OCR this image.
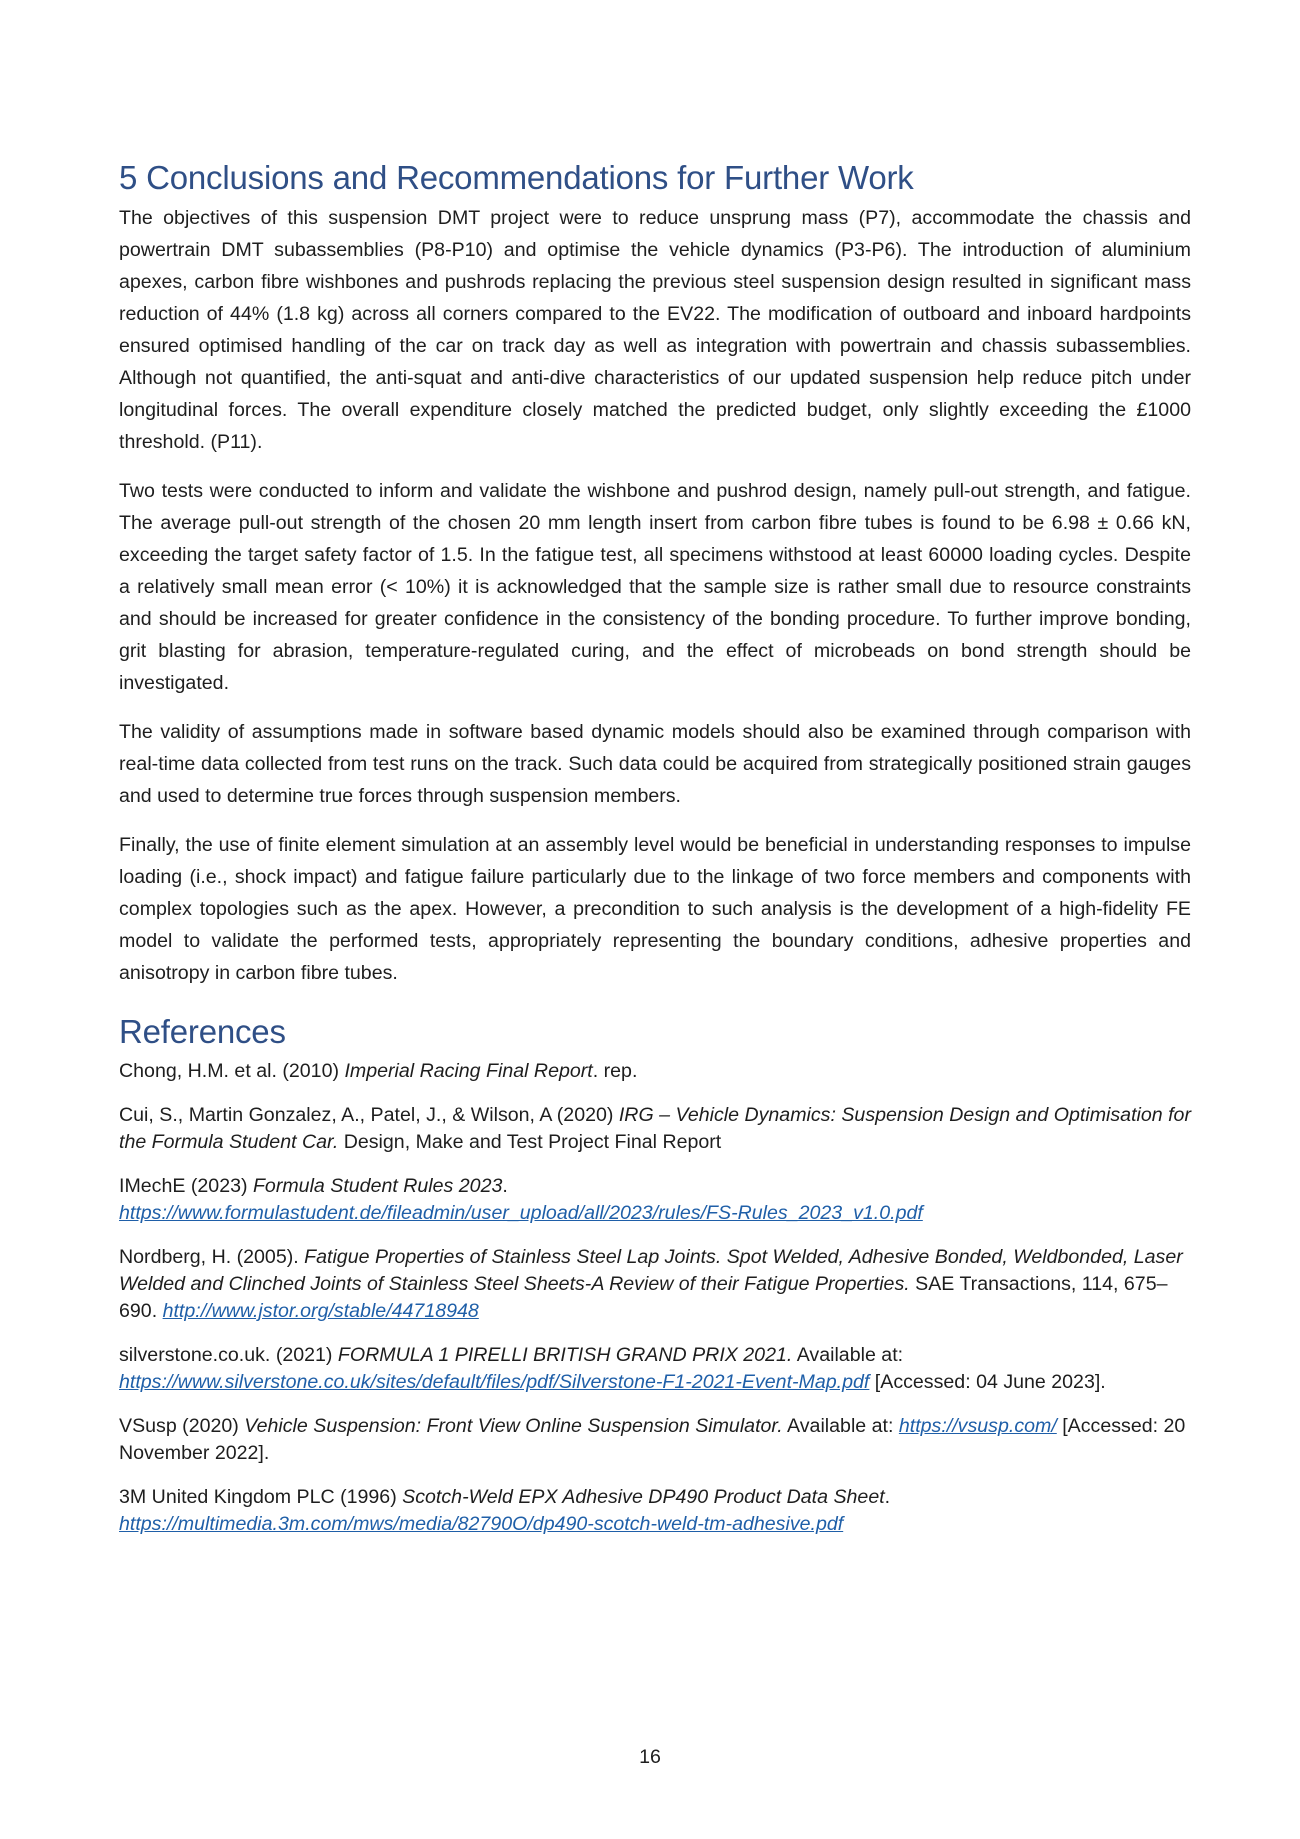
5 Conclusions and Recommendations for Further Work

The objectives of this suspension DMT project were to reduce unsprung mass (P7), accommodate the chassis and powertrain DMT subassemblies (P8-P10) and optimise the vehicle dynamics (P3-P6). The introduction of aluminium apexes, carbon fibre wishbones and pushrods replacing the previous steel suspension design resulted in significant mass reduction of 44% (1.8 kg) across all corners compared to the EV22. The modification of outboard and inboard hardpoints ensured optimised handling of the car on track day as well as integration with powertrain and chassis subassemblies. Although not quantified, the anti-squat and anti-dive characteristics of our updated suspension help reduce pitch under longitudinal forces. The overall expenditure closely matched the predicted budget, only slightly exceeding the £1000 threshold. (P11).

Two tests were conducted to inform and validate the wishbone and pushrod design, namely pull-out strength, and fatigue. The average pull-out strength of the chosen 20 mm length insert from carbon fibre tubes is found to be 6.98 ± 0.66 kN, exceeding the target safety factor of 1.5. In the fatigue test, all specimens withstood at least 60000 loading cycles. Despite a relatively small mean error (< 10%) it is acknowledged that the sample size is rather small due to resource constraints and should be increased for greater confidence in the consistency of the bonding procedure. To further improve bonding, grit blasting for abrasion, temperature-regulated curing, and the effect of microbeads on bond strength should be investigated.

The validity of assumptions made in software based dynamic models should also be examined through comparison with real-time data collected from test runs on the track. Such data could be acquired from strategically positioned strain gauges and used to determine true forces through suspension members.

Finally, the use of finite element simulation at an assembly level would be beneficial in understanding responses to impulse loading (i.e., shock impact) and fatigue failure particularly due to the linkage of two force members and components with complex topologies such as the apex. However, a precondition to such analysis is the development of a high-fidelity FE model to validate the performed tests, appropriately representing the boundary conditions, adhesive properties and anisotropy in carbon fibre tubes.

References
Chong, H.M. et al. (2010) Imperial Racing Final Report. rep.
Cui, S., Martin Gonzalez, A., Patel, J., & Wilson, A (2020) IRG – Vehicle Dynamics: Suspension Design and Optimisation for the Formula Student Car. Design, Make and Test Project Final Report
IMechE (2023) Formula Student Rules 2023.
https://www.formulastudent.de/fileadmin/user_upload/all/2023/rules/FS-Rules_2023_v1.0.pdf
Nordberg, H. (2005). Fatigue Properties of Stainless Steel Lap Joints. Spot Welded, Adhesive Bonded, Weldbonded, Laser Welded and Clinched Joints of Stainless Steel Sheets-A Review of their Fatigue Properties. SAE Transactions, 114, 675–690. http://www.jstor.org/stable/44718948
silverstone.co.uk. (2021) FORMULA 1 PIRELLI BRITISH GRAND PRIX 2021. Available at:
https://www.silverstone.co.uk/sites/default/files/pdf/Silverstone-F1-2021-Event-Map.pdf [Accessed: 04 June 2023].
VSusp (2020) Vehicle Suspension: Front View Online Suspension Simulator. Available at: https://vsusp.com/ [Accessed: 20 November 2022].
3M United Kingdom PLC (1996) Scotch-Weld EPX Adhesive DP490 Product Data Sheet.
https://multimedia.3m.com/mws/media/82790O/dp490-scotch-weld-tm-adhesive.pdf
16
